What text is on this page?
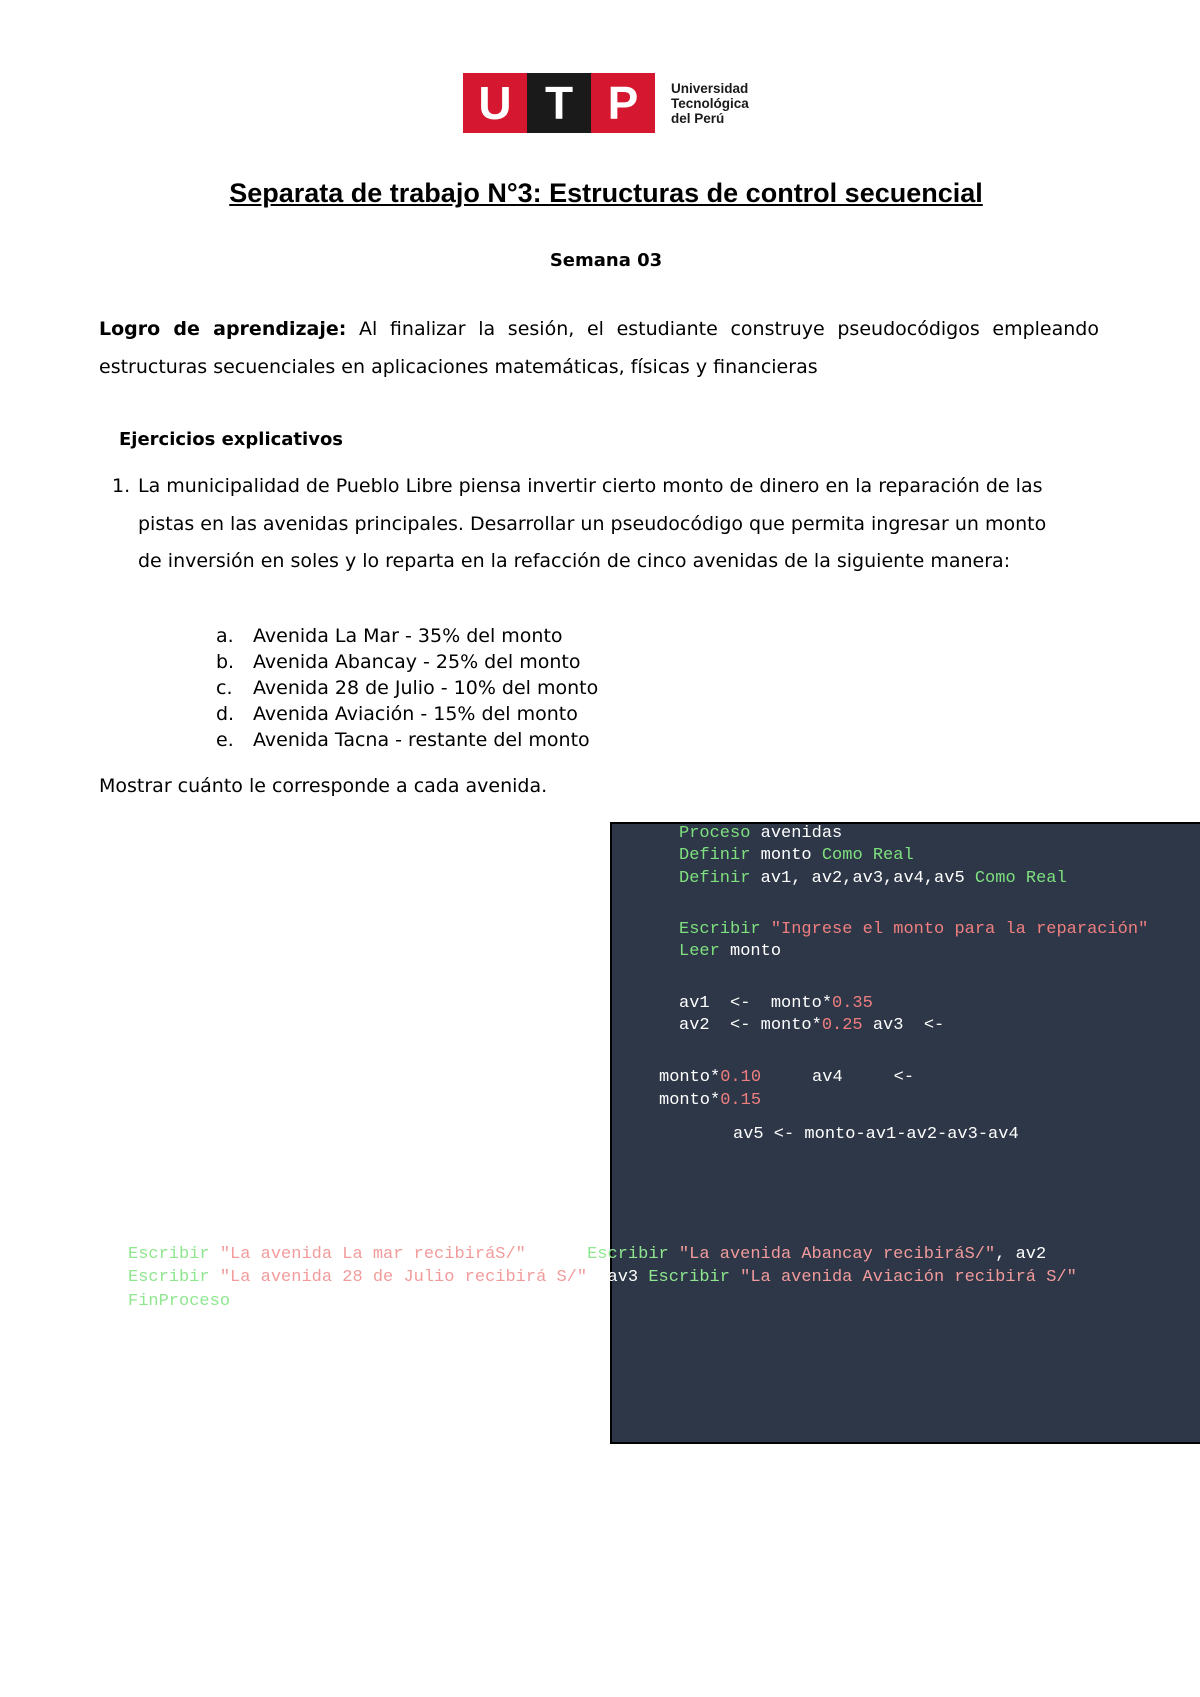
U T P	Universidad
Tecnológica
del Perú
Separata de trabajo N°3: Estructuras de control secuencial
Semana 03
Logro de aprendizaje: Al finalizar la sesión, el estudiante construye pseudocódigos empleando estructuras secuenciales en aplicaciones matemáticas, físicas y financieras
Ejercicios explicativos
1. La municipalidad de Pueblo Libre piensa invertir cierto monto de dinero en la reparación de las pistas en las avenidas principales. Desarrollar un pseudocódigo que permita ingresar un monto de inversión en soles y lo reparta en la refacción de cinco avenidas de la siguiente manera:
a.	Avenida La Mar - 35% del monto
b. Avenida Abancay - 25% del monto
c.	Avenida 28 de Julio - 10% del monto
d. Avenida Aviación - 15% del monto
e.	Avenida Tacna - restante del monto
Mostrar cuánto le corresponde a cada avenida.
Proceso avenidas
Definir monto Como Real
Definir av1, av2,av3,av4,av5 Como Real
Escribir "Ingrese el monto para la reparación"
Leer monto
av1  <-  monto*0.35
av2  <- monto*0.25 av3  <-
monto*0.10     av4     <-
monto*0.15
av5 <- monto-av1-av2-av3-av4
Escribir "La avenida La mar recibiráS/"  av1 Escribir "La avenida Abancay recibiráS/", av2
Escribir "La avenida 28 de Julio recibirá S/", av3 Escribir "La avenida Aviación recibirá S/"
FinProceso
